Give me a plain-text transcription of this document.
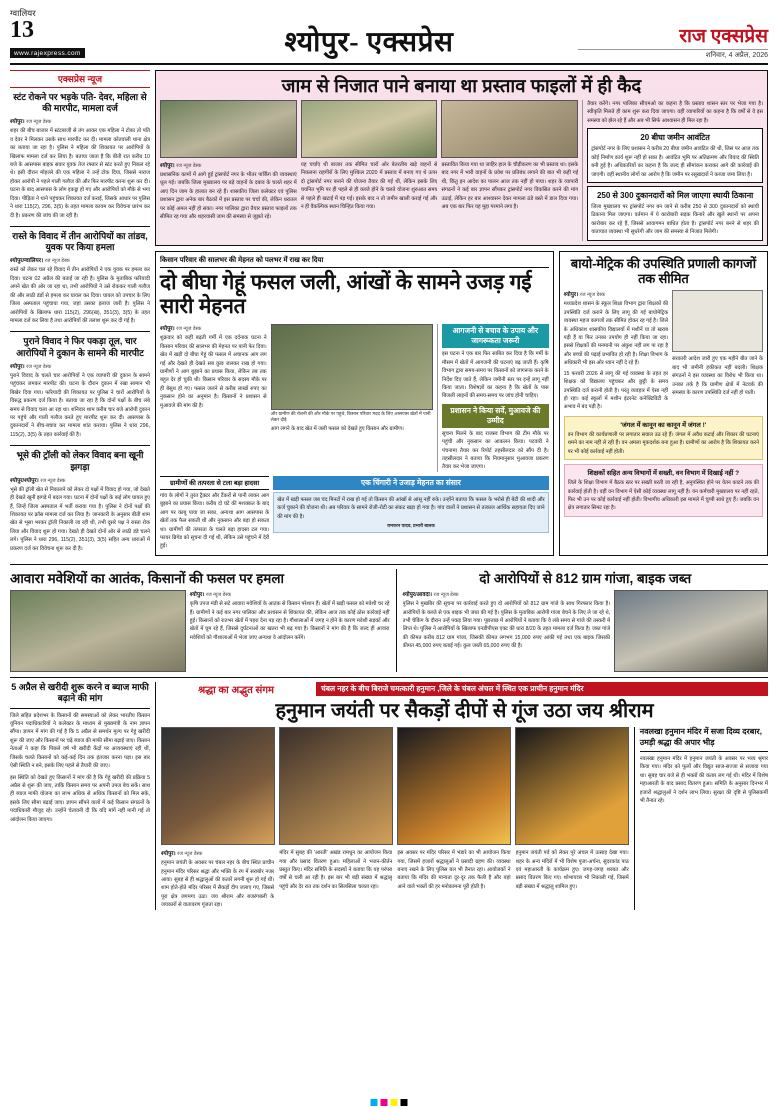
ग्वालियर
13
www.rajexpress.com	श्योपुर- एक्सप्रेस	राज एक्सप्रेस
शनिवार, 4 अप्रैल, 2026
एक्सप्रेस न्यूज
स्टंट रोकने पर भड़के पति- देवर, महिला से की मारपीट, मामला दर्ज
श्योपुर। रज न्यूज डेस्क
शहर की बीच बाजार में स्टंटबाजी से तंग आकर एक महिला ने टोका तो पति व देवर ने मिलकर उसके साथ मारपीट कर दी। मामला कोतवाली थाना क्षेत्र का बताया जा रहा है। पुलिस ने महिला की शिकायत पर आरोपियों के खिलाफ मामला दर्ज कर लिया है। बताया जाता है कि बीती रात करीब 10 बजे के आसपास बाइक सवार युवक तेज रफ्तार से स्टंट करते हुए निकल रहे थे। इसी दौरान मोहल्ले की एक महिला ने उन्हें टोक दिया, जिससे नाराज होकर आरोपी ने पहले गाली गलौज की और फिर मारपीट करना शुरू कर दी। घटना के बाद आसपास के लोग इकट्ठा हो गए और आरोपियों को मौके से भगा दिया। पीड़िता ने थाने पहुंचकर शिकायत दर्ज कराई, जिसके आधार पर पुलिस ने धारा 115(2), 296, 3(5) के तहत मामला कायम कर विवेचना प्रारंभ कर दी है। प्रकरण की जांच की जा रही है।
रास्ते के विवाद में तीन आरोपियों का तांडव, युवक पर किया हमला
श्योपुर/ग्वालियर। रज न्यूज डेस्क
रास्ते को लेकर चल रहे विवाद में तीन आरोपियों ने एक युवक पर हमला कर दिया। घटना 02 अप्रैल की बताई जा रही है। पुलिस के मुताबिक फरियादी अपने खेत की ओर जा रहा था, तभी आरोपियों ने उसे रोककर गाली गलौज की और लाठी डंडों से हमला कर घायल कर दिया। घायल को उपचार के लिए जिला अस्पताल पहुंचाया गया, जहां उसका इलाज जारी है। पुलिस ने आरोपियों के खिलाफ धारा 115(2), 296(ख), 351(3), 3(5) के तहत मामला दर्ज कर लिया है तथा आरोपियों की तलाश शुरू कर दी गई है।
पुराने विवाद ने फिर पकड़ा तूल, चार आरोपियों ने दुकान के सामने की मारपीट
श्योपुर। रज न्यूज डेस्क
पुराने विवाद के चलते चार आरोपियों ने एक व्यापारी की दुकान के सामने पहुंचकर जमकर मारपीट की। घटना के दौरान दुकान में रखा सामान भी बिखेर दिया गया। फरियादी की शिकायत पर पुलिस ने चारों आरोपियों के विरुद्ध प्रकरण दर्ज किया है। बताया जा रहा है कि दोनों पक्षों के बीच लंबे समय से विवाद चला आ रहा था। शनिवार शाम करीब चार बजे आरोपी दुकान पर पहुंचे और गाली गलौज करते हुए मारपीट शुरू कर दी। आसपास के दुकानदारों ने बीच-बचाव कर मामला शांत कराया। पुलिस ने धारा 296, 115(2), 3(5) के तहत कार्रवाई की है।
भूसे की ट्रॉली को लेकर विवाद बना खूनी झगड़ा
श्योपुर/श्योपुर। रज न्यूज डेस्क
भूसे की ट्रॉली खेत से निकालने को लेकर दो पक्षों में विवाद हो गया, जो देखते ही देखते खूनी झगड़े में बदल गया। घटना में दोनों पक्षों के कई लोग घायल हुए हैं, जिन्हें जिला अस्पताल में भर्ती कराया गया है। पुलिस ने दोनों पक्षों की शिकायत पर क्रॉस मामला दर्ज कर लिया है। जानकारी के अनुसार बीती शाम खेत से भूसा भरकर ट्रॉली निकाली जा रही थी, तभी दूसरे पक्ष ने रास्ता रोक लिया और विवाद शुरू हो गया। देखते ही देखते दोनों ओर से लाठी डंडे चलने लगे। पुलिस ने धारा 296, 115(2), 351(3), 3(5) सहित अन्य धाराओं में प्रकरण दर्ज कर विवेचना शुरू कर दी है।
जाम से निजात पाने बनाया था प्रस्ताव फाइलों में ही कैद
श्योपुर। रज न्यूज डेस्क
प्रशासनिक कामों में आगे हुई ट्रांसपोर्ट नगर के भीतर पार्किंग की व्यवस्थाएं धूल गई। जबकि जिला मुख्यालय पर बड़े वाहनों के दबाव के चलते शहर में आए दिन जाम के हालात बन रहे हैं। शासकीय जिला कलेक्टर एवं पुलिस प्रशासन द्वारा अनेक बार बैठकों में इस प्रस्ताव पर चर्चा की, लेकिन धरातल पर कोई अमल नहीं हो सका। नगर पालिका द्वारा तैयार प्रस्ताव फाइलों तक सीमित रह गया और शहरवासी जाम की समस्या से जूझते रहे।
यह चर्चाएं थी बाजार तक सीमित चारों ओर बेतरतीब खड़े वाहनों से निकलना राहगीरों के लिए मुश्किल 2020 में प्रस्ताव में बनाए गए थे ऊपर दो ट्रांसपोर्ट नगर बनाने की योजना तैयार की गई थी, लेकिन इसके लिए चयनित भूमि पर ही पहले से ही कब्जे होने के चलते योजना शुरुआत समय से पहले ही खटाई में पड़ गई। इसके बाद न तो जमीन खाली कराई गई और न ही वैकल्पिक स्थान चिन्हित किया गया।
प्रस्तावित किया गया था जाहिर हाल के चौड़ीकरण का भी प्रस्ताव था। इसके बाद नगर में भारी वाहनों के प्रवेश पर प्रतिबंध लगाने की बात भी कही गई थी, किंतु इन आदेश का पालन आज तक नहीं हो पाया। शहर के व्यापारी संगठनों ने कई बार ज्ञापन सौंपकर ट्रांसपोर्ट नगर विकसित करने की मांग उठाई, लेकिन हर बार आश्वासन देकर मामला ठंडे बस्ते में डाल दिया गया। अब एक बार फिर यह मुद्दा गरमाने लगा है।
तैयार करेंगे। नगर पालिका सीएमओ का कहना है कि प्रस्ताव शासन स्तर पर भेजा गया है। स्वीकृति मिलते ही काम शुरू करा दिया जाएगा। वहीं व्यापारियों का कहना है कि वर्षों से वे इस समस्या को झेल रहे हैं और अब भी सिर्फ आश्वासन ही मिल रहा है।
20 बीघा जमीन आवंटित
ट्रांसपोर्ट नगर के लिए प्रशासन ने करीब 20 बीघा जमीन आवंटित की थी, जिस पर आज तक कोई निर्माण कार्य शुरू नहीं हो सका है। आवंटित भूमि पर अतिक्रमण और विवाद की स्थिति बनी हुई है। अधिकारियों का कहना है कि जल्द ही सीमांकन कराकर आगे की कार्रवाई की जाएगी। वहीं स्थानीय लोगों का आरोप है कि जमीन पर रसूखदारों ने कब्जा जमा लिया है।
250 से 300 दुकानदारों को मिल जाएगा स्थायी ठिकाना
जिला मुख्यालय पर ट्रांसपोर्ट नगर बन जाने से करीब 250 से 300 दुकानदारों को स्थायी ठिकाना मिल जाएगा। वर्तमान में ये कारोबारी सड़क किनारे और खुले स्थानों पर अपना कारोबार कर रहे हैं, जिससे आवागमन बाधित होता है। ट्रांसपोर्ट नगर बनने से शहर की यातायात व्यवस्था भी सुधरेगी और जाम की समस्या से निजात मिलेगी।
किसान परिवार की सालभर की मेहनत को पलभर में राख कर दिया
दो बीघा गेहूं फसल जली, आंखों के सामने उजड़ गई सारी मेहनत
श्योपुर। रज न्यूज डेस्क
शुक्रवार को कहीं बढ़ती गर्मी में एक दर्दनाक घटना ने किसान परिवार की सालभर की मेहनत पर पानी फेर दिया। खेत में खड़ी दो बीघा गेहूं की फसल में अचानक आग लग गई और देखते ही देखते सब कुछ जलकर राख हो गया। ग्रामीणों ने आग बुझाने का प्रयास किया, लेकिन तब तक बहुत देर हो चुकी थी। किसान परिवार के सदस्य मौके पर ही बेसुध हो गए। फसल जलने से करीब लाखों रुपए का नुकसान होने का अनुमान है। किसानों ने प्रशासन से मुआवजे की मांग की है।
और ग्रामीण की रोशनी की और मौके पर पहुंचे, किसान परिवार मदद के लिए आसपास खेतों में पानी लेकर दौड़े
आग लगने के बाद खेत में जली फसल को देखते हुए किसान और ग्रामीण।
आगजनी से बचाव के उपाय और जागरूकता जरूरी
इस घटना ने एक बार फिर साबित कर दिया है कि गर्मी के मौसम में खेतों में आगजनी की घटनाएं बढ़ जाती हैं। कृषि विभाग द्वारा समय-समय पर किसानों को जागरूक करने के निर्देश दिए जाते हैं, लेकिन जमीनी स्तर पर इन्हें लागू नहीं किया जाता। विशेषज्ञों का कहना है कि खेतों के पास बिजली लाइनों की समय-समय पर जांच होनी चाहिए।
प्रशासन ने किया सर्वे, मुआवजे की उम्मीद
सूचना मिलने के बाद राजस्व विभाग की टीम मौके पर पहुंची और नुकसान का आकलन किया। पटवारी ने पंचनामा तैयार कर रिपोर्ट तहसीलदार को सौंप दी है। तहसीलदार ने बताया कि नियमानुसार मुआवजा प्रकरण तैयार कर भेजा जाएगा।
ग्रामीणों की तत्परता से टला बड़ा हादसा
गांव के लोगों ने तुरंत ट्रैक्टर और टैंकरों से पानी लाकर आग बुझाने का प्रयास किया। करीब दो घंटे की मशक्कत के बाद आग पर काबू पाया जा सका, अन्यथा आग आसपास के खेतों तक फैल सकती थी और नुकसान और बड़ा हो सकता था। ग्रामीणों की तत्परता के चलते बड़ा हादसा टल गया। फायर ब्रिगेड को सूचना दी गई थी, लेकिन उसे पहुंचने में देरी हुई।
एक चिंगारी ने उजाड़ मेहनत का संसार
खेत में खड़ी फसल जब चंद मिनटों में राख हो गई तो किसान की आंखों से आंसू नहीं रुके। उन्होंने बताया कि फसल के भरोसे ही बेटी की शादी और कर्ज चुकाने की योजना थी। अब परिवार के सामने रोजी-रोटी का संकट खड़ा हो गया है। गांव वालों ने प्रशासन से तत्काल आर्थिक सहायता दिए जाने की मांग की है।
रामचरन यादव, प्रभारी बालक
बायो-मेट्रिक की उपस्थिति प्रणाली कागजों तक सीमित
श्योपुर। रज न्यूज डेस्क
मध्यप्रदेश शासन के स्कूल शिक्षा विभाग द्वारा शिक्षकों की उपस्थिति दर्ज कराने के लिए लागू की गई बायोमेट्रिक व्यवस्था महज कागजों तक सीमित होकर रह गई है। जिले के अधिकांश शासकीय विद्यालयों में मशीनें या तो खराब पड़ी हैं या फिर उनका उपयोग ही नहीं किया जा रहा। इससे शिक्षकों की मनमानी पर अंकुश नहीं लग पा रहा है और बच्चों की पढ़ाई प्रभावित हो रही है। शिक्षा विभाग के अधिकारी भी इस ओर ध्यान नहीं दे रहे हैं।
15 फरवरी 2026 से लागू की गई व्यवस्था के तहत हर शिक्षक को विद्यालय पहुंचकर और छुट्टी के समय उपस्थिति दर्ज करानी होती है। परंतु व्यवहार में ऐसा नहीं हो रहा। कई स्कूलों में मशीन इंटरनेट कनेक्टिविटी के अभाव में बंद पड़ी है।
सरकारी आदेश जारी हुए एक महीने बीत जाने के बाद भी जमीनी हकीकत नहीं बदली। शिक्षक संगठनों ने इस व्यवस्था का विरोध भी किया था। उनका तर्क है कि ग्रामीण क्षेत्रों में नेटवर्क की समस्या के कारण उपस्थिति दर्ज नहीं हो पाती।
'जंगल में कानून का कानून में जंगल !'
वन विभाग की कार्यप्रणाली पर लगातार सवाल उठ रहे हैं। जंगल में अवैध कटाई और शिकार की घटनाएं थमने का नाम नहीं ले रही हैं। वन अमला मूकदर्शक बना हुआ है। ग्रामीणों का आरोप है कि शिकायत करने पर भी कोई कार्रवाई नहीं होती।
शिक्षकों सहित अन्य विभागों में सख्ती, वन विभाग में दिखाई नहीं ?
जिले के शिक्षा विभाग में बैठक स्तर पर सख्ती बरती जा रही है, अनुपस्थित होने पर वेतन काटने तक की कार्रवाई होती है। वहीं वन विभाग में ऐसी कोई व्यवस्था लागू नहीं है। वन कर्मचारी मुख्यालय पर नहीं रहते, फिर भी उन पर कोई कार्रवाई नहीं होती। विभागीय अधिकारी इस मामले में चुप्पी साधे हुए हैं। जबकि वन क्षेत्र लगातार सिमट रहा है।
आवारा मवेशियों का आतंक, किसानों की फसल पर हमला
श्योपुर। रज न्यूज डेस्क
कृषि उपज मंडी से सटे आवारा मवेशियों के आतंक से किसान परेशान हैं। खेतों में खड़ी फसल को मवेशी चर रहे हैं। ग्रामीणों ने कई बार नगर पालिका और प्रशासन से शिकायत की, लेकिन आज तक कोई ठोस कार्रवाई नहीं हुई। किसानों को रातभर खेतों में पहरा देना पड़ रहा है। गौशालाओं में जगह न होने के कारण मवेशी सड़कों और खेतों में घूम रहे हैं, जिससे दुर्घटनाओं का खतरा भी बढ़ गया है। किसानों ने मांग की है कि जल्द ही आवारा मवेशियों को गौशालाओं में भेजा जाए अन्यथा वे आंदोलन करेंगे।
दो आरोपियों से 812 ग्राम गांजा, बाइक जब्त
श्योपुर/आवदा। रज न्यूज डेस्क
पुलिस ने मुखबिर की सूचना पर कार्रवाई करते हुए दो आरोपियों को 812 ग्राम गांजे के साथ गिरफ्तार किया है। आरोपियों के कब्जे से एक बाइक भी जब्त की गई है। पुलिस के मुताबिक आरोपी गांजा बेचने के लिए ले जा रहे थे, तभी चेकिंग के दौरान उन्हें पकड़ लिया गया। पूछताछ में आरोपियों ने बताया कि वे लंबे समय से गांजे की तस्करी में लिप्त थे। पुलिस ने आरोपियों के खिलाफ एनडीपीएस एक्ट की धारा 8/20 के तहत मामला दर्ज किया है। जब्त गांजे की कीमत करीब 812 ग्राम गांजा, जिसकी कीमत लगभग 15,000 रुपए आंकी गई तथा एक बाइक जिसकी कीमत 45,000 रुपए बताई गई। कुल जब्ती 65,000 रुपए की है।
5 अप्रैल से खरीदी शुरू करने व ब्याज माफी बढ़ाने की मांग
जिले सहित प्रदेशभर के किसानों की समस्याओं को लेकर भारतीय किसान यूनियन पदाधिकारियों ने कलेक्टर के माध्यम से मुख्यमंत्री के नाम ज्ञापन सौंपा। ज्ञापन में मांग की गई है कि 5 अप्रैल से समर्थन मूल्य पर गेहूं खरीदी शुरू की जाए और किसानों पर चढ़े ब्याज की माफी सीमा बढ़ाई जाए। किसान नेताओं ने कहा कि पिछले वर्ष भी खरीदी केंद्रों पर अव्यवस्थाएं रही थीं, जिसके चलते किसानों को कई-कई दिन तक इंतजार करना पड़ा। इस बार ऐसी स्थिति न बने, इसके लिए पहले से तैयारी की जाए।
इस स्थिति को देखते हुए किसानों ने मांग की है कि गेहूं खरीदी की प्रक्रिया 5 अप्रैल से शुरू की जाए, ताकि किसान समय पर अपनी उपज बेच सकें। साथ ही ब्याज माफी योजना का लाभ अधिक से अधिक किसानों को मिल सके, इसके लिए सीमा बढ़ाई जाए। ज्ञापन सौंपने वालों में कई किसान संगठनों के पदाधिकारी मौजूद रहे। उन्होंने चेतावनी दी कि यदि मांगें नहीं मानी गईं तो आंदोलन किया जाएगा।
श्रद्धा का अद्भुत संगम	चंबल नहर के बीच बिराजे चमत्कारी हनुमान ,जिले के चंबल अंचल में स्थित एक प्राचीन हनुमान मंदिर
हनुमान जयंती पर सैकड़ों दीपों से गूंज उठा जय श्रीराम
श्योपुर। रज न्यूज डेस्क
हनुमान जयंती के अवसर पर चंबल नहर के बीच स्थित प्राचीन हनुमान मंदिर परिसर श्रद्धा और भक्ति के रंग में सराबोर नजर आया। सुबह से ही श्रद्धालुओं की कतारें लगनी शुरू हो गईं थीं। शाम होते-होते मंदिर परिसर में सैकड़ों दीप जलाए गए, जिससे पूरा क्षेत्र जगमगा उठा। जय श्रीराम और बजरंगबली के जयकारों से वातावरण गूंजता रहा।
मंदिर में सुबह की 'आरती' अखंड रामधुन का आयोजन किया गया और प्रसाद वितरण हुआ। महिलाओं ने भजन-कीर्तन प्रस्तुत किए। मंदिर समिति के सदस्यों ने बताया कि यह परंपरा वर्षों से चली आ रही है। इस बार भी बड़ी संख्या में श्रद्धालु पहुंचे और देर रात तक दर्शन का सिलसिला चलता रहा।
इस अवसर पर मंदिर परिसर में भंडारे का भी आयोजन किया गया, जिसमें हजारों श्रद्धालुओं ने प्रसादी ग्रहण की। व्यवस्था बनाए रखने के लिए पुलिस बल भी तैनात रहा। आयोजकों ने बताया कि मंदिर की मान्यता दूर-दूर तक फैली है और यहां आने वाले भक्तों की हर मनोकामना पूरी होती है।
हनुमान जयंती पर्व को लेकर पूरे अंचल में उत्साह देखा गया। शहर के अन्य मंदिरों में भी विशेष पूजा-अर्चना, सुंदरकांड पाठ एवं महाआरती के कार्यक्रम हुए। जगह-जगह शरबत और प्रसाद वितरण किए गए। शोभायात्रा भी निकाली गई, जिसमें बड़ी संख्या में श्रद्धालु शामिल हुए।
नवलखा हनुमान मंदिर में सजा दिव्य दरबार, उमड़ी श्रद्धा की अपार भीड़
नवलखा हनुमान मंदिर में हनुमान जयंती के अवसर पर भव्य श्रृंगार किया गया। मंदिर को फूलों और विद्युत साज-सज्जा से सजाया गया था। सुबह चार बजे से ही भक्तों की कतार लग गई थी। मंदिर में विशेष महाआरती के बाद प्रसाद वितरण हुआ। समिति के अनुसार दिनभर में हजारों श्रद्धालुओं ने दर्शन लाभ लिया। सुरक्षा की दृष्टि से पुलिसकर्मी भी तैनात रहे।
